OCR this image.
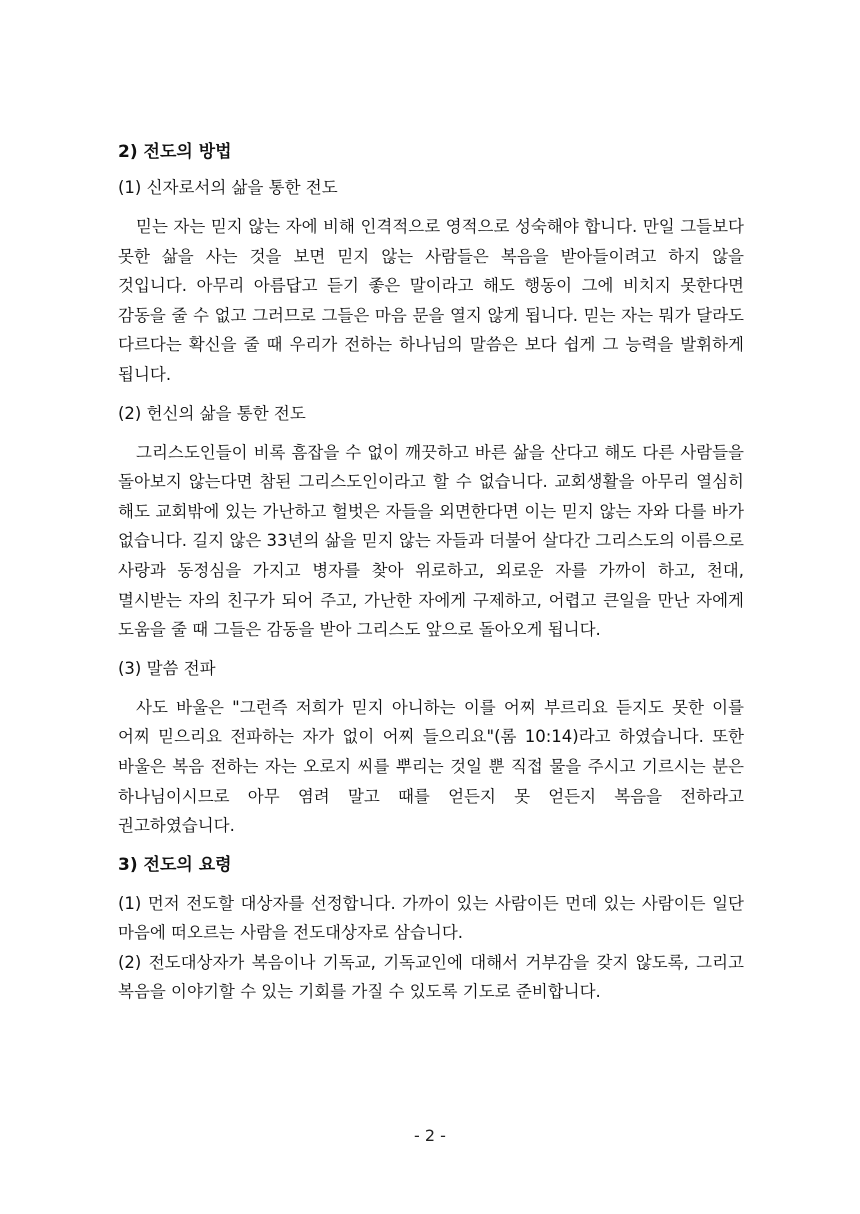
2) 전도의 방법
(1) 신자로서의 삶을 통한 전도

믿는 자는 믿지 않는 자에 비해 인격적으로 영적으로 성숙해야 합니다. 만일 그들보다 못한 삶을 사는 것을 보면 믿지 않는 사람들은 복음을 받아들이려고 하지 않을 것입니다. 아무리 아름답고 듣기 좋은 말이라고 해도 행동이 그에 비치지 못한다면 감동을 줄 수 없고 그러므로 그들은 마음 문을 열지 않게 됩니다. 믿는 자는 뭐가 달라도 다르다는 확신을 줄 때 우리가 전하는 하나님의 말씀은 보다 쉽게 그 능력을 발휘하게 됩니다.

(2) 헌신의 삶을 통한 전도

그리스도인들이 비록 흠잡을 수 없이 깨끗하고 바른 삶을 산다고 해도 다른 사람들을 돌아보지 않는다면 참된 그리스도인이라고 할 수 없습니다. 교회생활을 아무리 열심히 해도 교회밖에 있는 가난하고 헐벗은 자들을 외면한다면 이는 믿지 않는 자와 다를 바가 없습니다. 길지 않은 33년의 삶을 믿지 않는 자들과 더불어 살다간 그리스도의 이름으로 사랑과 동정심을 가지고 병자를 찾아 위로하고, 외로운 자를 가까이 하고, 천대, 멸시받는 자의 친구가 되어 주고, 가난한 자에게 구제하고, 어렵고 큰일을 만난 자에게 도움을 줄 때 그들은 감동을 받아 그리스도 앞으로 돌아오게 됩니다.

(3) 말씀 전파

사도 바울은 "그런즉 저희가 믿지 아니하는 이를 어찌 부르리요 듣지도 못한 이를 어찌 믿으리요 전파하는 자가 없이 어찌 들으리요"(롬 10:14)라고 하였습니다. 또한 바울은 복음 전하는 자는 오로지 씨를 뿌리는 것일 뿐 직접 물을 주시고 기르시는 분은 하나님이시므로 아무 염려 말고 때를 얻든지 못 얻든지 복음을 전하라고 권고하였습니다.

3) 전도의 요령

(1) 먼저 전도할 대상자를 선정합니다. 가까이 있는 사람이든 먼데 있는 사람이든 일단 마음에 떠오르는 사람을 전도대상자로 삼습니다.

(2) 전도대상자가 복음이나 기독교, 기독교인에 대해서 거부감을 갖지 않도록, 그리고 복음을 이야기할 수 있는 기회를 가질 수 있도록 기도로 준비합니다.

- 2 -
